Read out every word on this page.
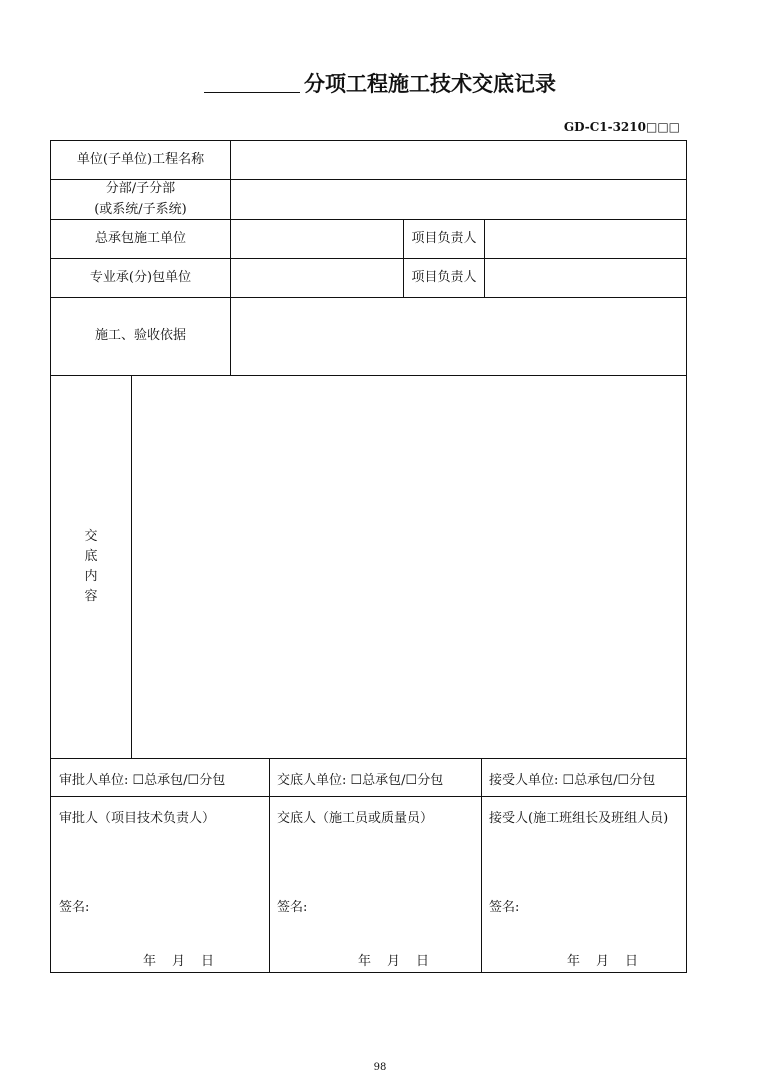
分项工程施工技术交底记录
GD-C1-3210□□□
单位(子单位)工程名称
分部/子分部
(或系统/子系统)
总承包施工单位	项目负责人
专业承(分)包单位	项目负责人
施工、验收依据
交
底
内
容
审批人单位: ☐总承包/☐分包	交底人单位: ☐总承包/☐分包	接受人单位: ☐总承包/☐分包
审批人（项目技术负责人）	交底人（施工员或质量员）	接受人(施工班组长及班组人员)
签名:	签名:	签名:
年 月 日	年 月 日	年 月 日
98
